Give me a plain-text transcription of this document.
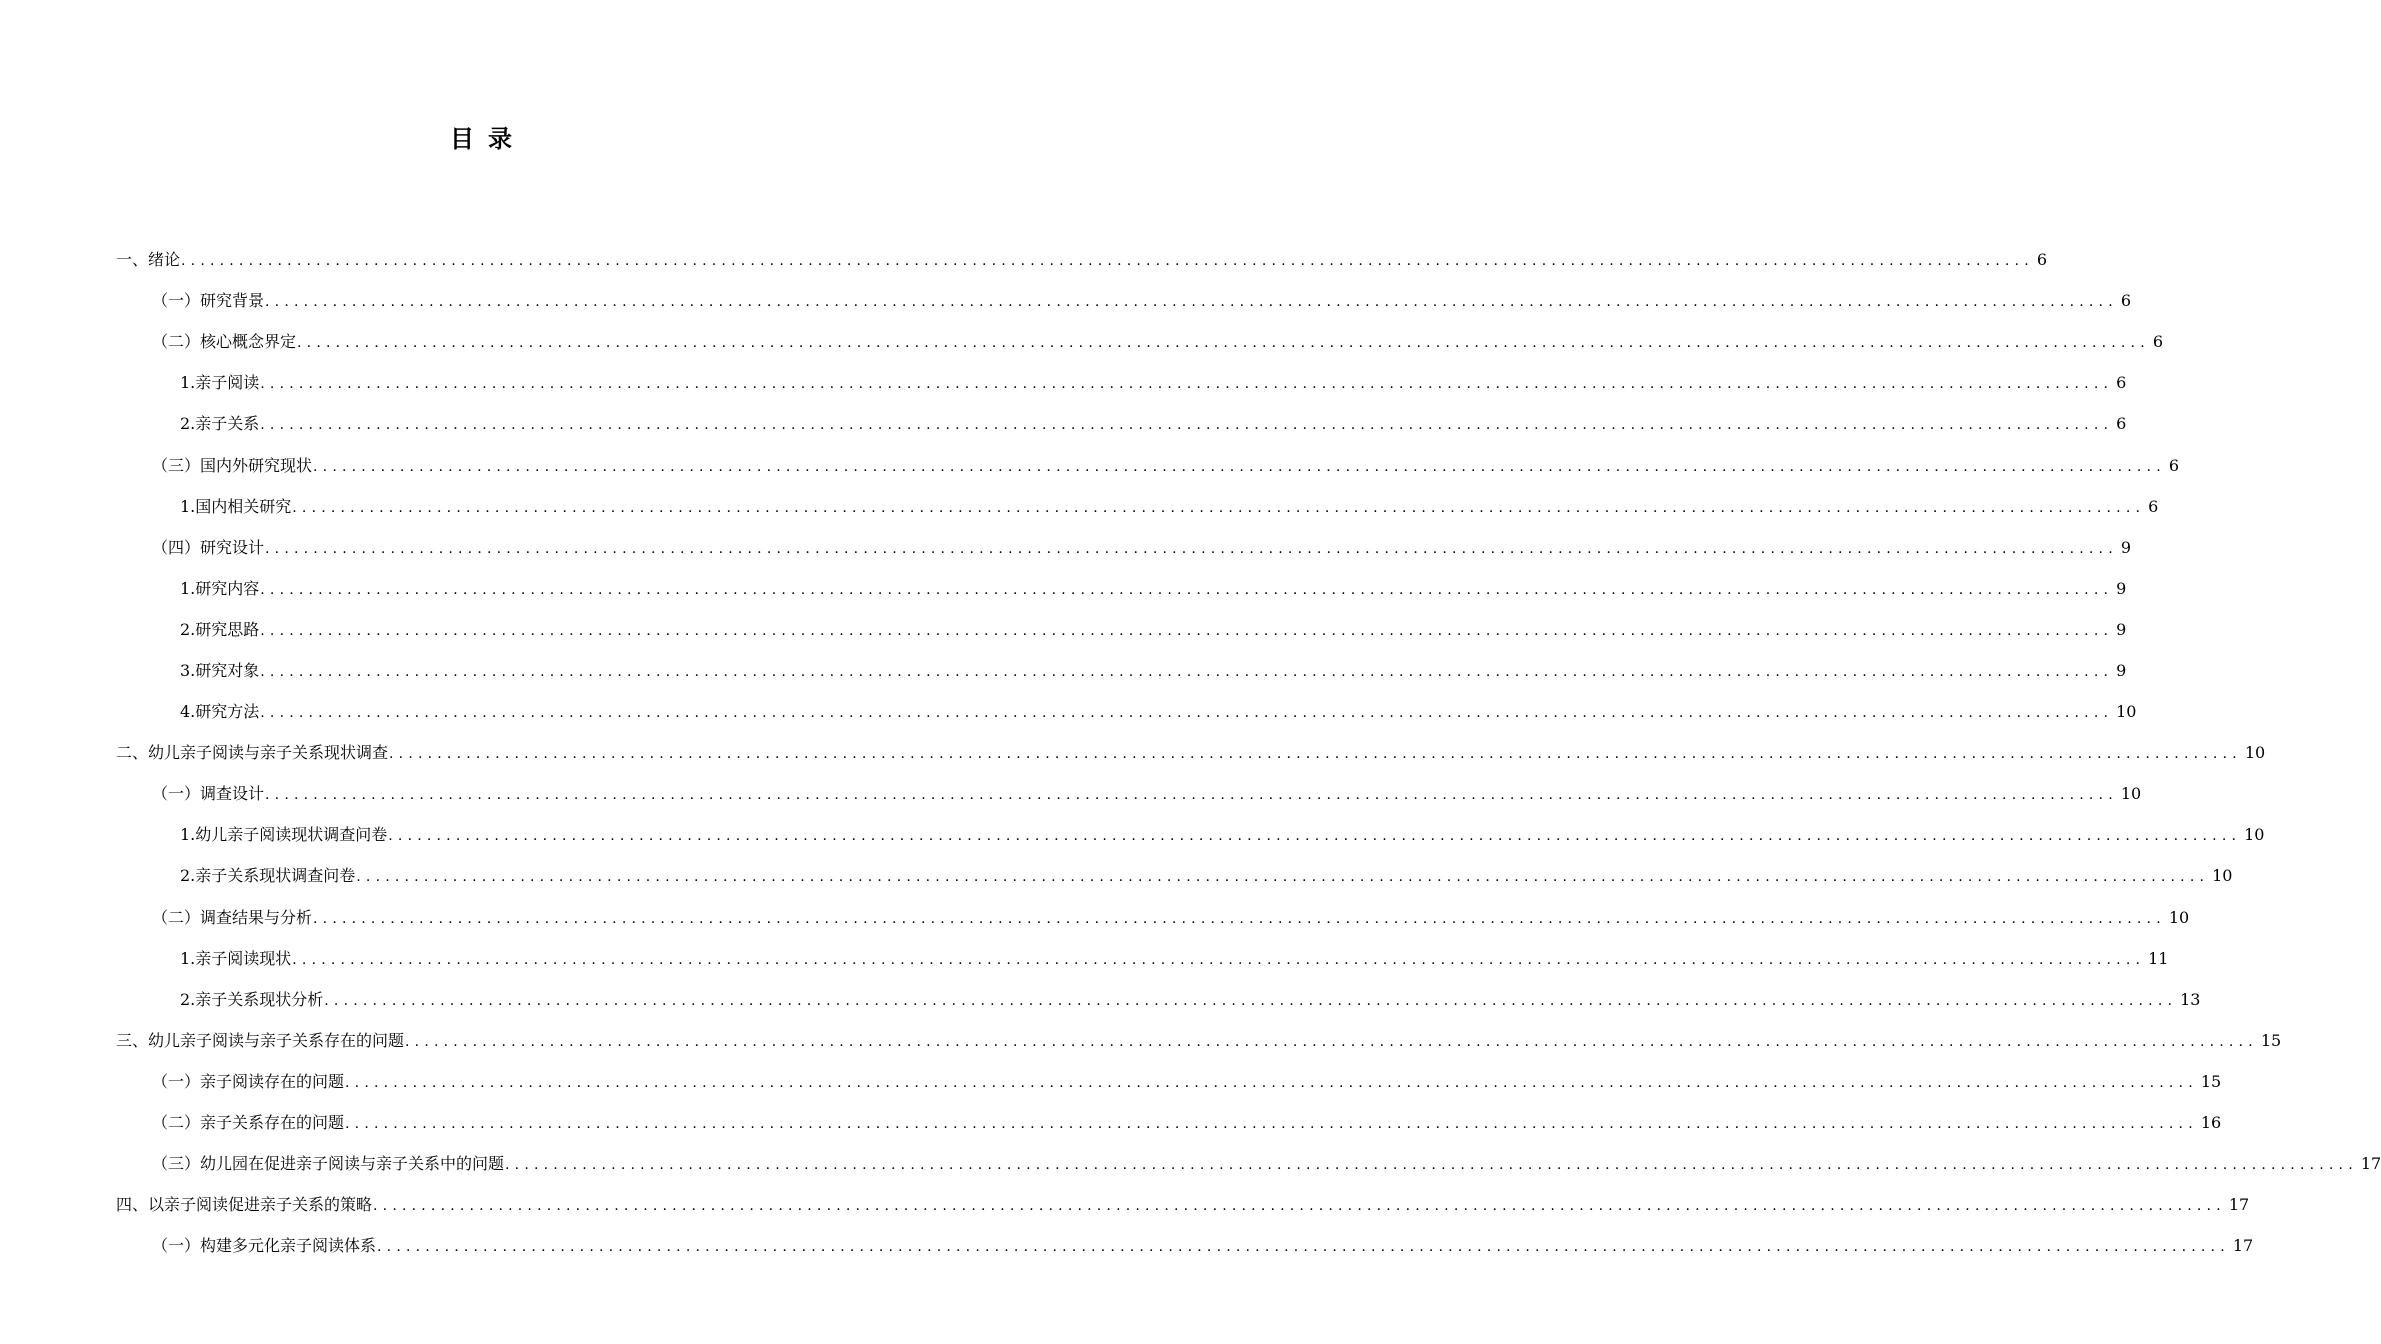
目录
一、绪论 ................................................................................................................................................................................................ 6
（一）研究背景 ................................................................................................................................................................................................ 6
（二）核心概念界定 ................................................................................................................................................................................................ 6
1.亲子阅读 ................................................................................................................................................................................................ 6
2.亲子关系 ................................................................................................................................................................................................ 6
（三）国内外研究现状 ................................................................................................................................................................................................ 6
1.国内相关研究 ................................................................................................................................................................................................ 6
（四）研究设计 ................................................................................................................................................................................................ 9
1.研究内容 ................................................................................................................................................................................................ 9
2.研究思路 ................................................................................................................................................................................................ 9
3.研究对象 ................................................................................................................................................................................................ 9
4.研究方法 ................................................................................................................................................................................................ 10
二、幼儿亲子阅读与亲子关系现状调查 ................................................................................................................................................................................................ 10
（一）调查设计 ................................................................................................................................................................................................ 10
1.幼儿亲子阅读现状调查问卷 ................................................................................................................................................................................................ 10
2.亲子关系现状调查问卷 ................................................................................................................................................................................................ 10
（二）调查结果与分析 ................................................................................................................................................................................................ 10
1.亲子阅读现状 ................................................................................................................................................................................................ 11
2.亲子关系现状分析 ................................................................................................................................................................................................ 13
三、幼儿亲子阅读与亲子关系存在的问题 ................................................................................................................................................................................................ 15
（一）亲子阅读存在的问题 ................................................................................................................................................................................................ 15
（二）亲子关系存在的问题 ................................................................................................................................................................................................ 16
（三）幼儿园在促进亲子阅读与亲子关系中的问题 ................................................................................................................................................................................................ 17
四、以亲子阅读促进亲子关系的策略 ................................................................................................................................................................................................ 17
（一）构建多元化亲子阅读体系 ................................................................................................................................................................................................ 17
